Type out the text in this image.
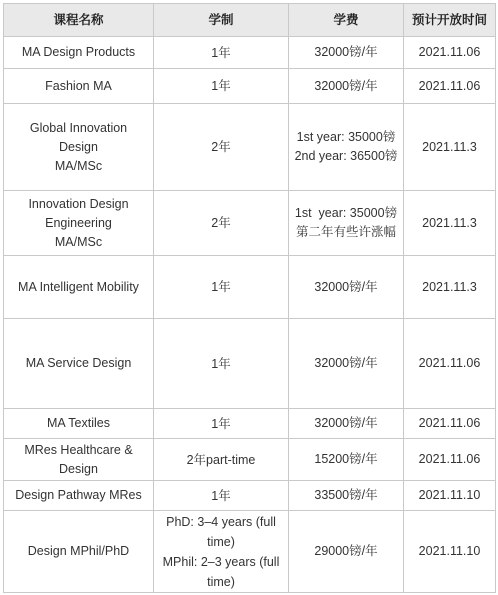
课程名称	学制	学费	预计开放时间

MA Design Products	1年	32000镑/年	2021.11.06

Fashion MA	1年	32000镑/年	2021.11.06

Global Innovation
Design
MA/MSc	2年	1st year: 35000镑
2nd year: 36500镑	2021.11.3

Innovation Design
Engineering
MA/MSc	2年	1st  year: 35000镑
第二年有些许涨幅	2021.11.3

MA Intelligent Mobility	1年	32000镑/年	2021.11.3

MA Service Design	1年	32000镑/年	2021.11.06

MA Textiles	1年	32000镑/年	2021.11.06

MRes Healthcare &
Design	2年part-time	15200镑/年	2021.11.06

Design Pathway MRes	1年	33500镑/年	2021.11.10

Design MPhil/PhD	PhD: 3–4 years (full time)
MPhil: 2–3 years (full time)	29000镑/年	2021.11.10
